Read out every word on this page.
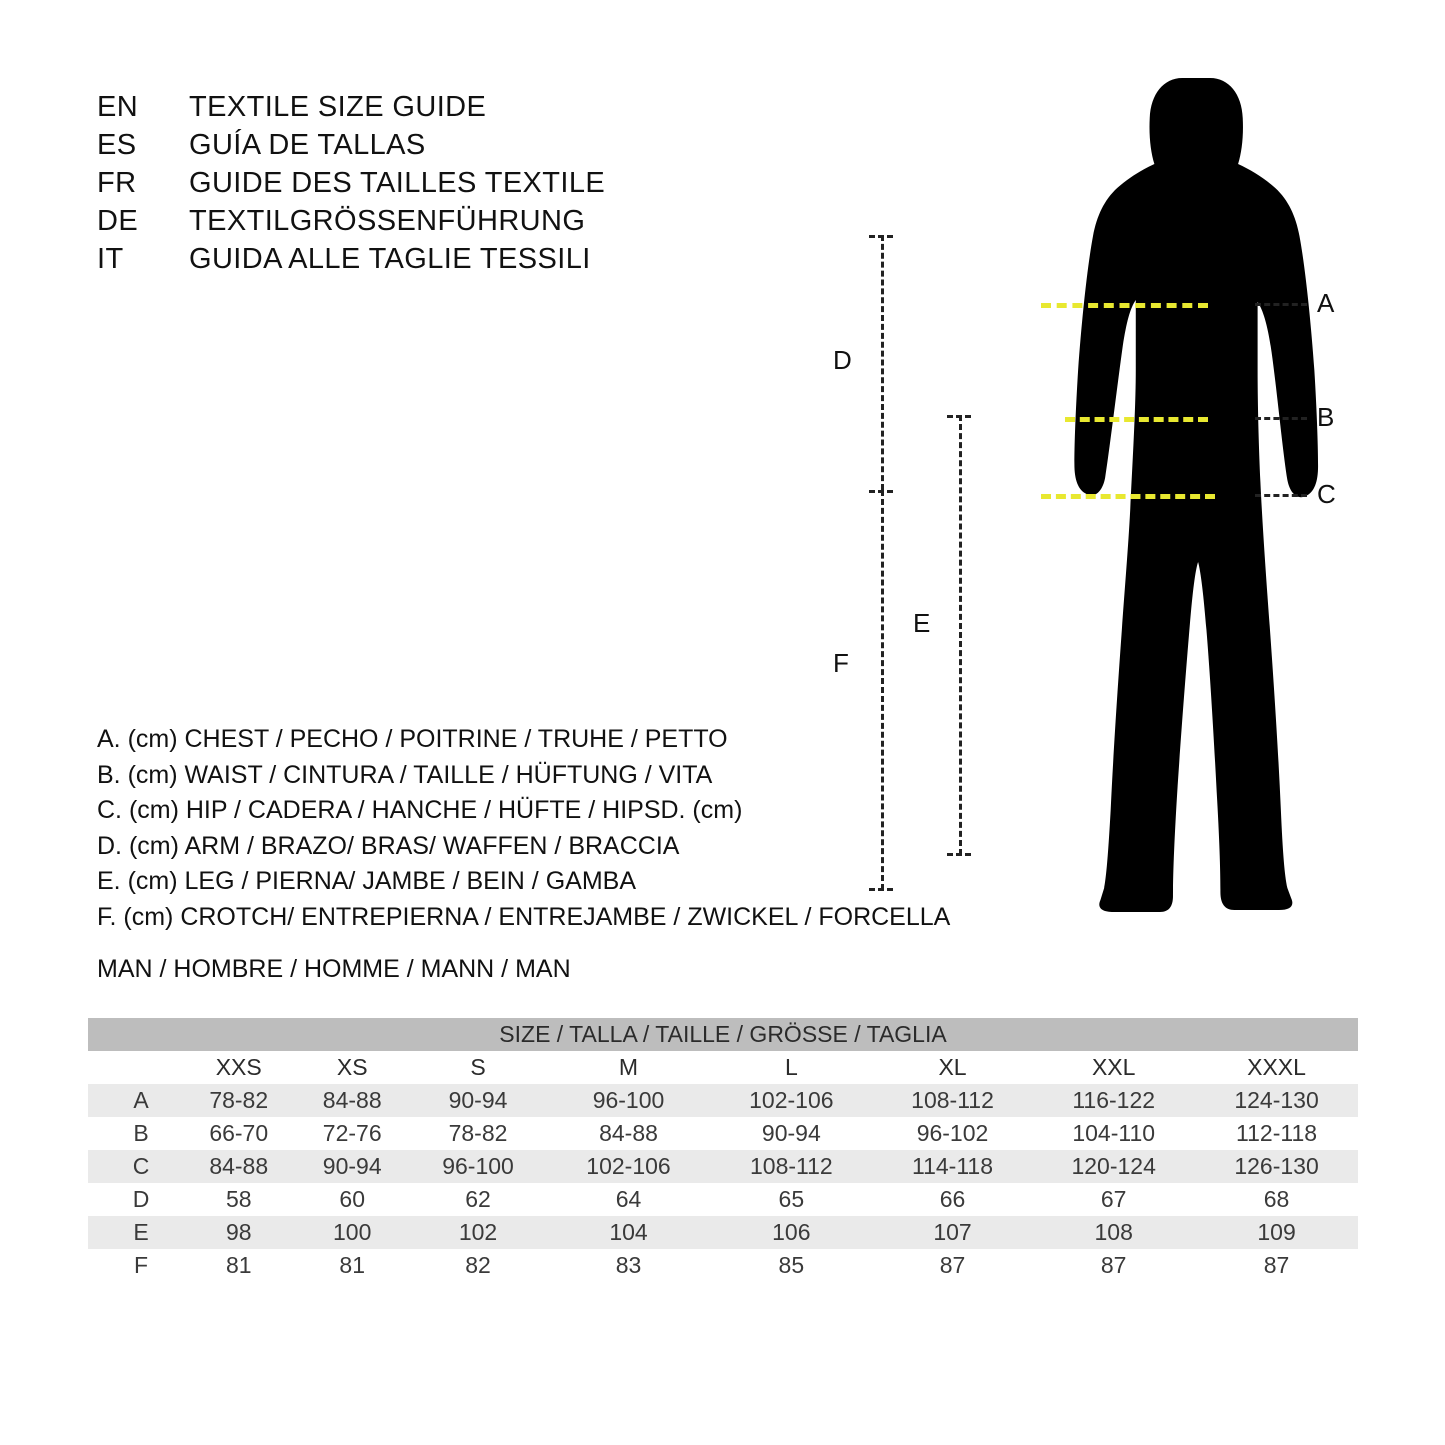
EN	TEXTILE SIZE GUIDE
ES	GUÍA DE TALLAS
FR	GUIDE DES TAILLES TEXTILE
DE	TEXTILGRÖSSENFÜHRUNG
IT	GUIDA ALLE TAGLIE TESSILI
A. (cm) CHEST / PECHO / POITRINE / TRUHE / PETTO
B. (cm) WAIST / CINTURA / TAILLE / HÜFTUNG / VITA
C. (cm) HIP / CADERA / HANCHE / HÜFTE / HIPSD. (cm)
D. (cm) ARM / BRAZO/ BRAS/ WAFFEN / BRACCIA
E. (cm) LEG / PIERNA/ JAMBE / BEIN / GAMBA
F. (cm) CROTCH/ ENTREPIERNA / ENTREJAMBE / ZWICKEL / FORCELLA
MAN / HOMBRE / HOMME / MANN / MAN
A
B
C
D
F
E
SIZE / TALLA / TAILLE / GRÖSSE / TAGLIA								
	XXS	XS	S	M	L	XL	XXL	XXXL
A	78-82	84-88	90-94	96-100	102-106	108-112	116-122	124-130
B	66-70	72-76	78-82	84-88	90-94	96-102	104-110	112-118
C	84-88	90-94	96-100	102-106	108-112	114-118	120-124	126-130
D	58	60	62	64	65	66	67	68
E	98	100	102	104	106	107	108	109
F	81	81	82	83	85	87	87	87
